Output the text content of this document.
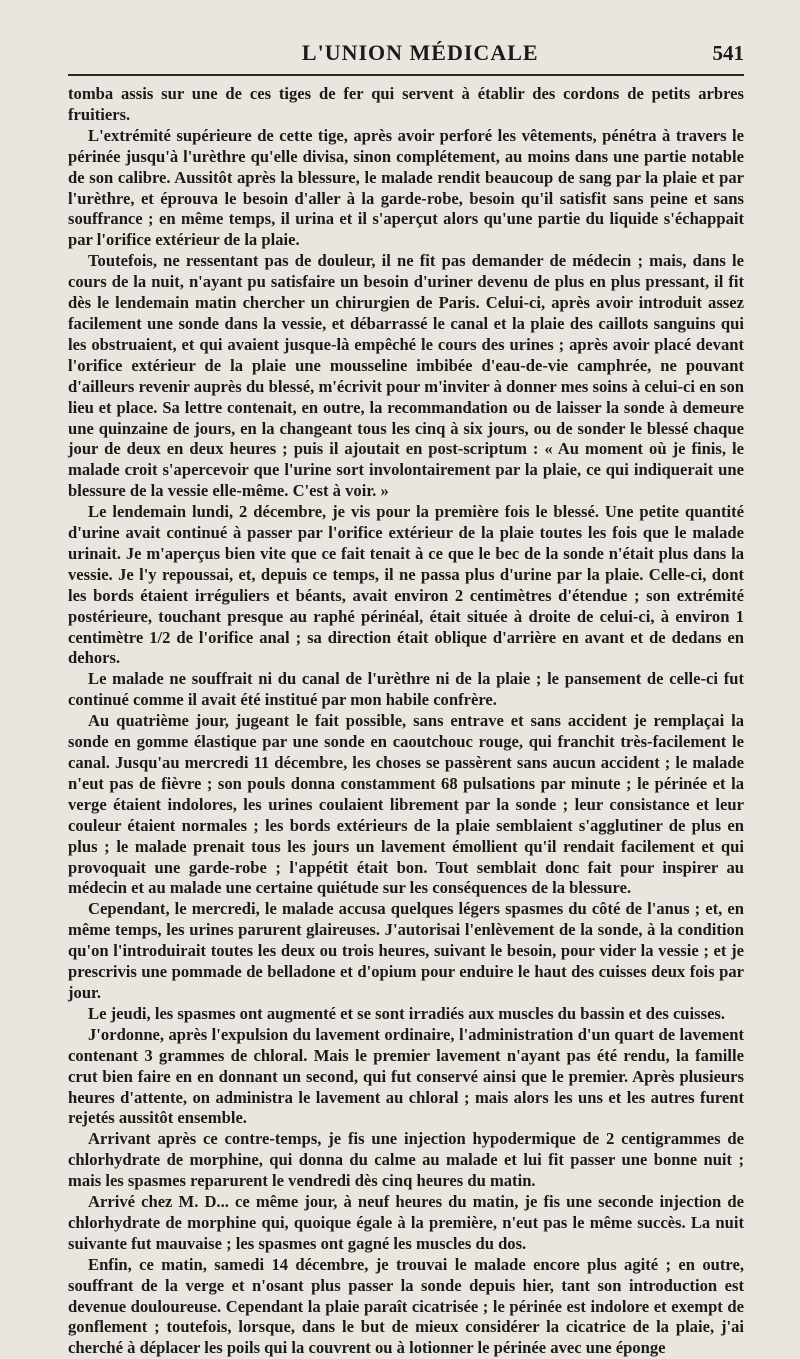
L'UNION MÉDICALE	541

tomba assis sur une de ces tiges de fer qui servent à établir des cordons de petits arbres fruitiers.

L'extrémité supérieure de cette tige, après avoir perforé les vêtements, pénétra à travers le périnée jusqu'à l'urèthre qu'elle divisa, sinon complétement, au moins dans une partie notable de son calibre. Aussitôt après la blessure, le malade rendit beaucoup de sang par la plaie et par l'urèthre, et éprouva le besoin d'aller à la garde-robe, besoin qu'il satisfit sans peine et sans souffrance ; en même temps, il urina et il s'aperçut alors qu'une partie du liquide s'échappait par l'orifice extérieur de la plaie.

Toutefois, ne ressentant pas de douleur, il ne fit pas demander de médecin ; mais, dans le cours de la nuit, n'ayant pu satisfaire un besoin d'uriner devenu de plus en plus pressant, il fit dès le lendemain matin chercher un chirurgien de Paris. Celui-ci, après avoir introduit assez facilement une sonde dans la vessie, et débarrassé le canal et la plaie des caillots sanguins qui les obstruaient, et qui avaient jusque-là empêché le cours des urines ; après avoir placé devant l'orifice extérieur de la plaie une mousseline imbibée d'eau-de-vie camphrée, ne pouvant d'ailleurs revenir auprès du blessé, m'écrivit pour m'inviter à donner mes soins à celui-ci en son lieu et place. Sa lettre contenait, en outre, la recommandation ou de laisser la sonde à demeure une quinzaine de jours, en la changeant tous les cinq à six jours, ou de sonder le blessé chaque jour de deux en deux heures ; puis il ajoutait en post-scriptum : « Au moment où je finis, le malade croit s'apercevoir que l'urine sort involontairement par la plaie, ce qui indiquerait une blessure de la vessie elle-même. C'est à voir. »

Le lendemain lundi, 2 décembre, je vis pour la première fois le blessé. Une petite quantité d'urine avait continué à passer par l'orifice extérieur de la plaie toutes les fois que le malade urinait. Je m'aperçus bien vite que ce fait tenait à ce que le bec de la sonde n'était plus dans la vessie. Je l'y repoussai, et, depuis ce temps, il ne passa plus d'urine par la plaie. Celle-ci, dont les bords étaient irréguliers et béants, avait environ 2 centimètres d'étendue ; son extrémité postérieure, touchant presque au raphé périnéal, était située à droite de celui-ci, à environ 1 centimètre 1/2 de l'orifice anal ; sa direction était oblique d'arrière en avant et de dedans en dehors.

Le malade ne souffrait ni du canal de l'urèthre ni de la plaie ; le pansement de celle-ci fut continué comme il avait été institué par mon habile confrère.

Au quatrième jour, jugeant le fait possible, sans entrave et sans accident je remplaçai la sonde en gomme élastique par une sonde en caoutchouc rouge, qui franchit très-facilement le canal. Jusqu'au mercredi 11 décembre, les choses se passèrent sans aucun accident ; le malade n'eut pas de fièvre ; son pouls donna constamment 68 pulsations par minute ; le périnée et la verge étaient indolores, les urines coulaient librement par la sonde ; leur consistance et leur couleur étaient normales ; les bords extérieurs de la plaie semblaient s'agglutiner de plus en plus ; le malade prenait tous les jours un lavement émollient qu'il rendait facilement et qui provoquait une garde-robe ; l'appétit était bon. Tout semblait donc fait pour inspirer au médecin et au malade une certaine quiétude sur les conséquences de la blessure.

Cependant, le mercredi, le malade accusa quelques légers spasmes du côté de l'anus ; et, en même temps, les urines parurent glaireuses. J'autorisai l'enlèvement de la sonde, à la condition qu'on l'introduirait toutes les deux ou trois heures, suivant le besoin, pour vider la vessie ; et je prescrivis une pommade de belladone et d'opium pour enduire le haut des cuisses deux fois par jour.

Le jeudi, les spasmes ont augmenté et se sont irradiés aux muscles du bassin et des cuisses.

J'ordonne, après l'expulsion du lavement ordinaire, l'administration d'un quart de lavement contenant 3 grammes de chloral. Mais le premier lavement n'ayant pas été rendu, la famille crut bien faire en en donnant un second, qui fut conservé ainsi que le premier. Après plusieurs heures d'attente, on administra le lavement au chloral ; mais alors les uns et les autres furent rejetés aussitôt ensemble.

Arrivant après ce contre-temps, je fis une injection hypodermique de 2 centigrammes de chlorhydrate de morphine, qui donna du calme au malade et lui fit passer une bonne nuit ; mais les spasmes reparurent le vendredi dès cinq heures du matin.

Arrivé chez M. D... ce même jour, à neuf heures du matin, je fis une seconde injection de chlorhydrate de morphine qui, quoique égale à la première, n'eut pas le même succès. La nuit suivante fut mauvaise ; les spasmes ont gagné les muscles du dos.

Enfin, ce matin, samedi 14 décembre, je trouvai le malade encore plus agité ; en outre, souffrant de la verge et n'osant plus passer la sonde depuis hier, tant son introduction est devenue douloureuse. Cependant la plaie paraît cicatrisée ; le périnée est indolore et exempt de gonflement ; toutefois, lorsque, dans le but de mieux considérer la cicatrice de la plaie, j'ai cherché à déplacer les poils qui la couvrent ou à lotionner le périnée avec une éponge
